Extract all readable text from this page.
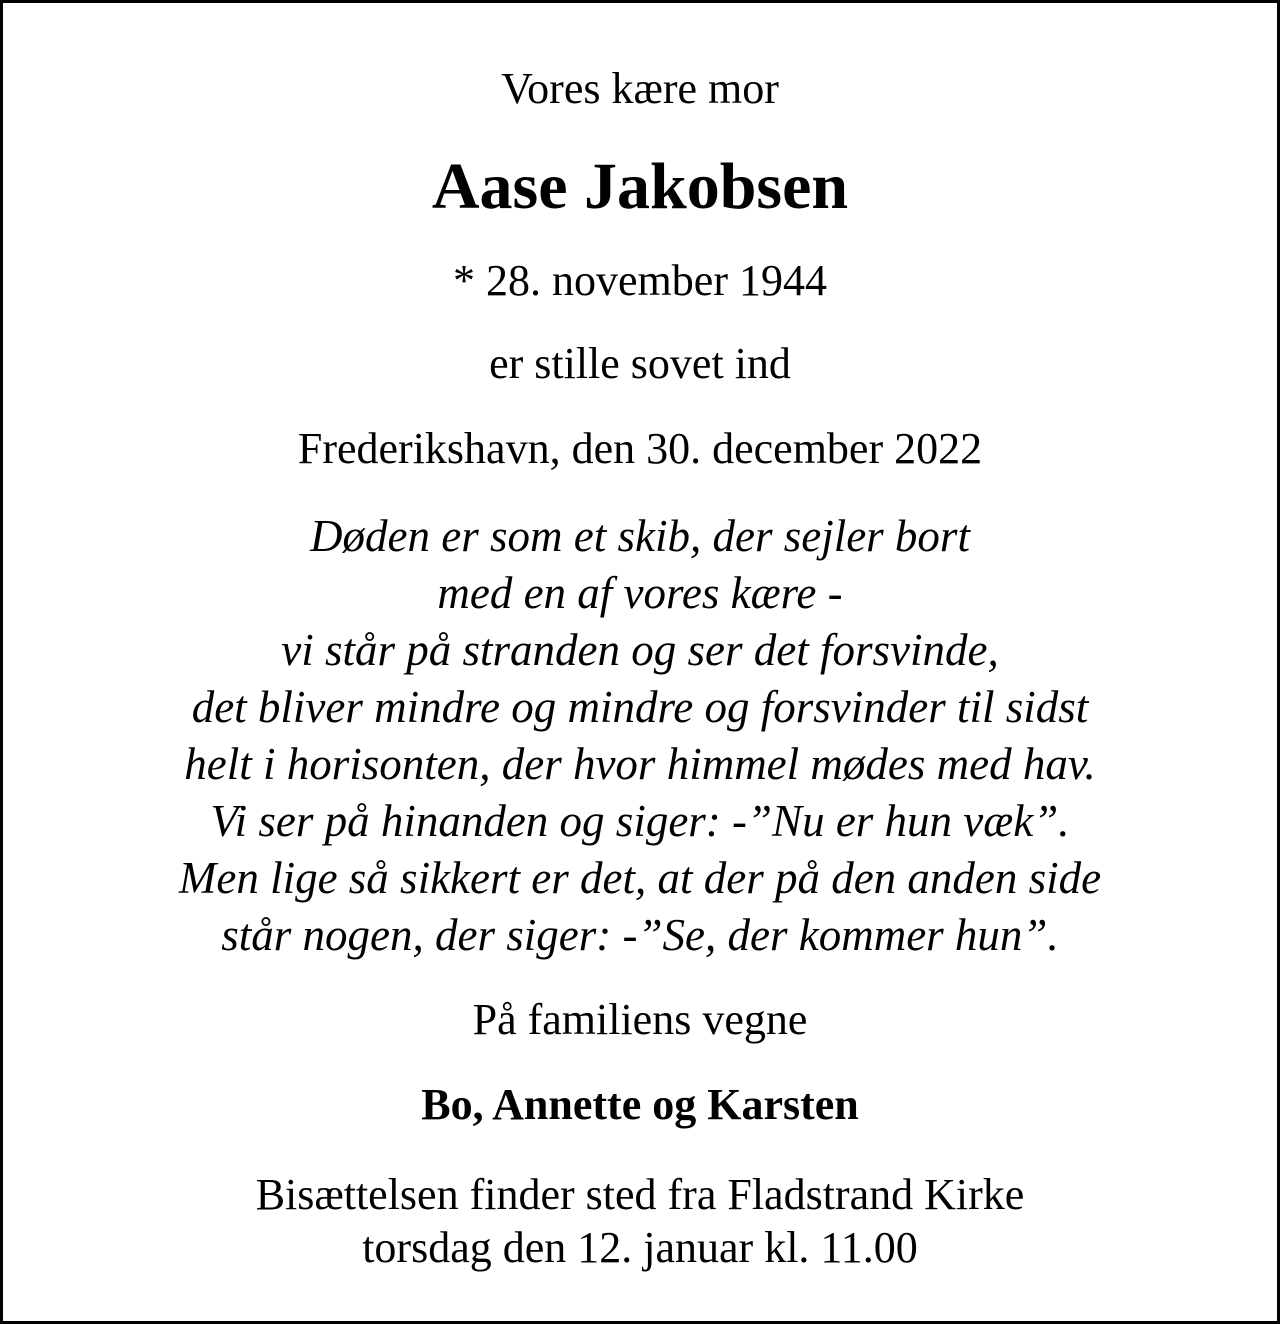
Vores kære mor
Aase Jakobsen
* 28. november 1944
er stille sovet ind
Frederikshavn, den 30. december 2022
Døden er som et skib, der sejler bort
med en af vores kære -
vi står på stranden og ser det forsvinde,
det bliver mindre og mindre og forsvinder til sidst
helt i horisonten, der hvor himmel mødes med hav.
Vi ser på hinanden og siger: -”Nu er hun væk”.
Men lige så sikkert er det, at der på den anden side
står nogen, der siger: -”Se, der kommer hun”.
På familiens vegne
Bo, Annette og Karsten
Bisættelsen finder sted fra Fladstrand Kirke
torsdag den 12. januar kl. 11.00
